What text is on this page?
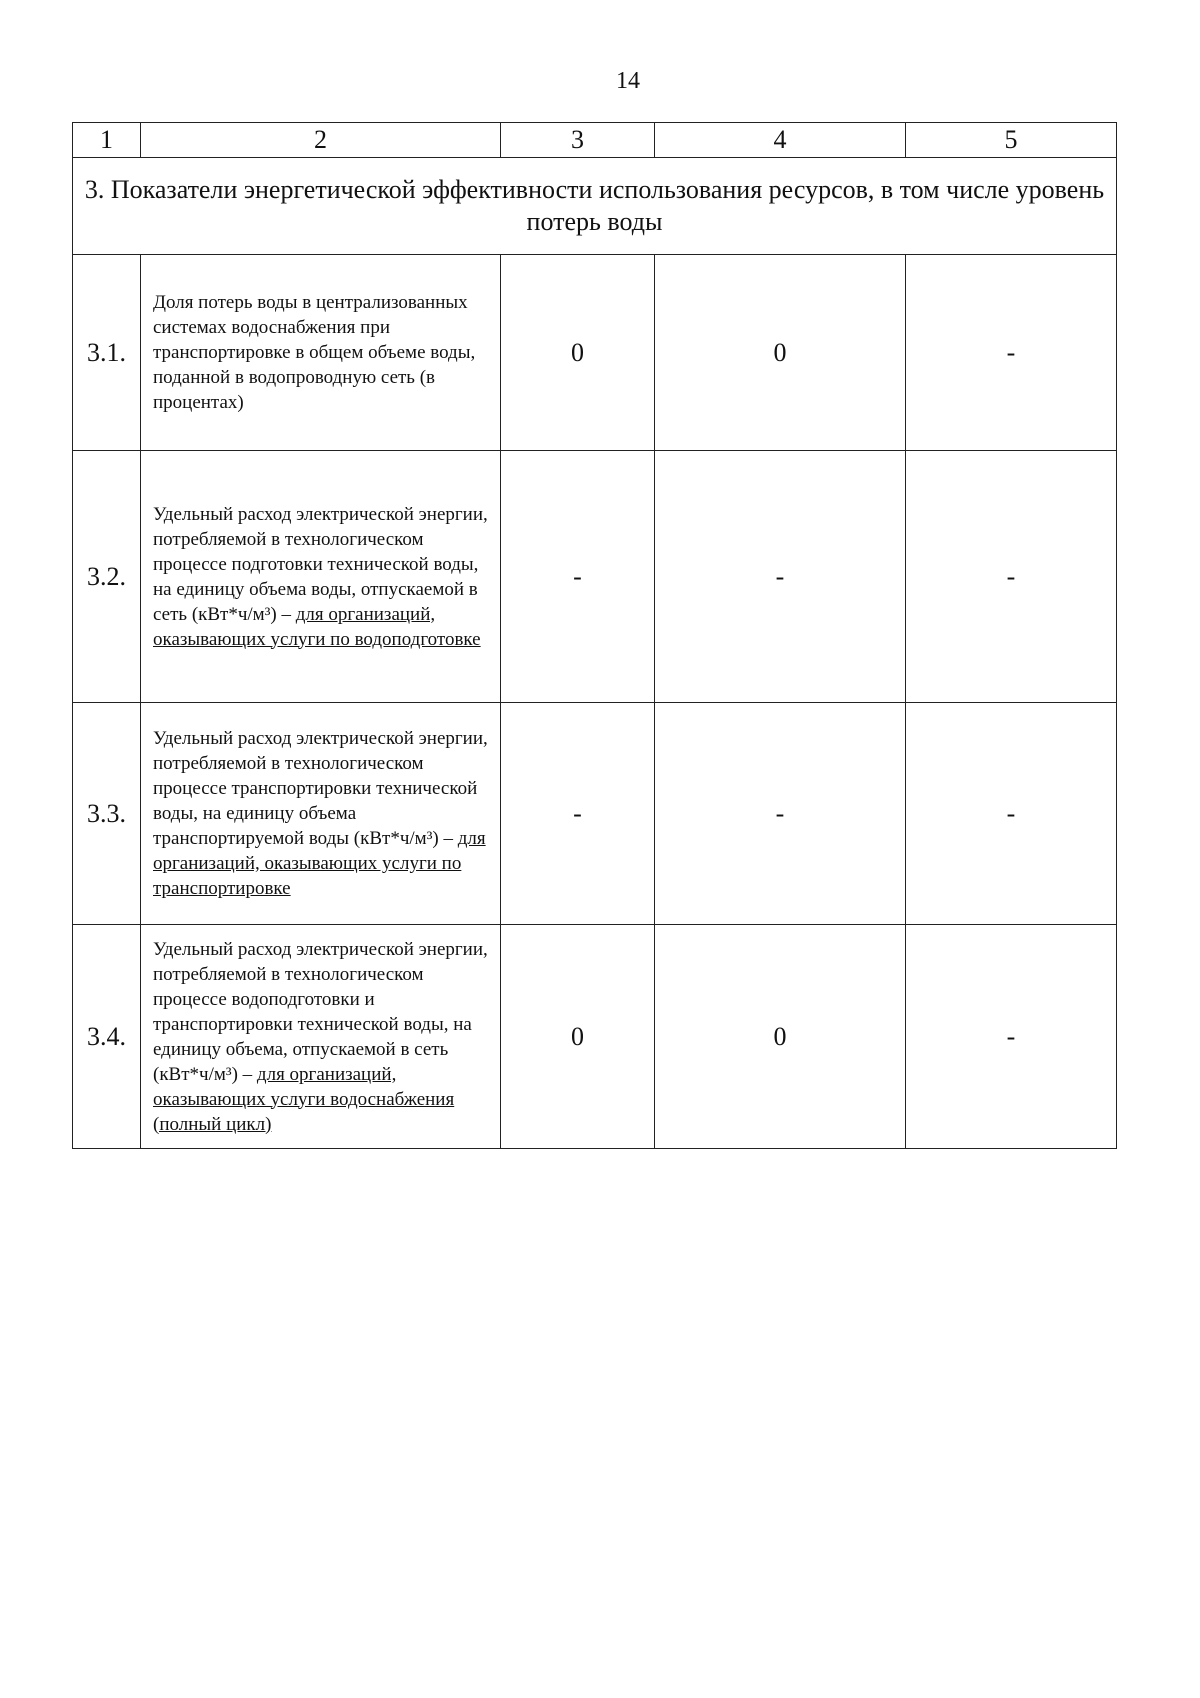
14
1	2	3	4	5
3. Показатели энергетической эффективности использования ресурсов, в том числе уровень потерь воды				
3.1.	Доля потерь воды в централизованных системах водоснабжения при транспортировке в общем объеме воды, поданной в водопроводную сеть (в процентах)	0	0	-
3.2.	Удельный расход электрической энергии, потребляемой в технологическом процессе подготовки технической воды, на единицу объема воды, отпускаемой в сеть (кВт*ч/м³) – для организаций, оказывающих услуги по водоподготовке	-	-	-
3.3.	Удельный расход электрической энергии, потребляемой в технологическом процессе транспортировки технической воды, на единицу объема транспортируемой воды (кВт*ч/м³) – для организаций, оказывающих услуги по транспортировке	-	-	-
3.4.	Удельный расход электрической энергии, потребляемой в технологическом процессе водоподготовки и транспортировки технической воды, на единицу объема, отпускаемой в сеть (кВт*ч/м³) – для организаций, оказывающих услуги водоснабжения (полный цикл)	0	0	-
